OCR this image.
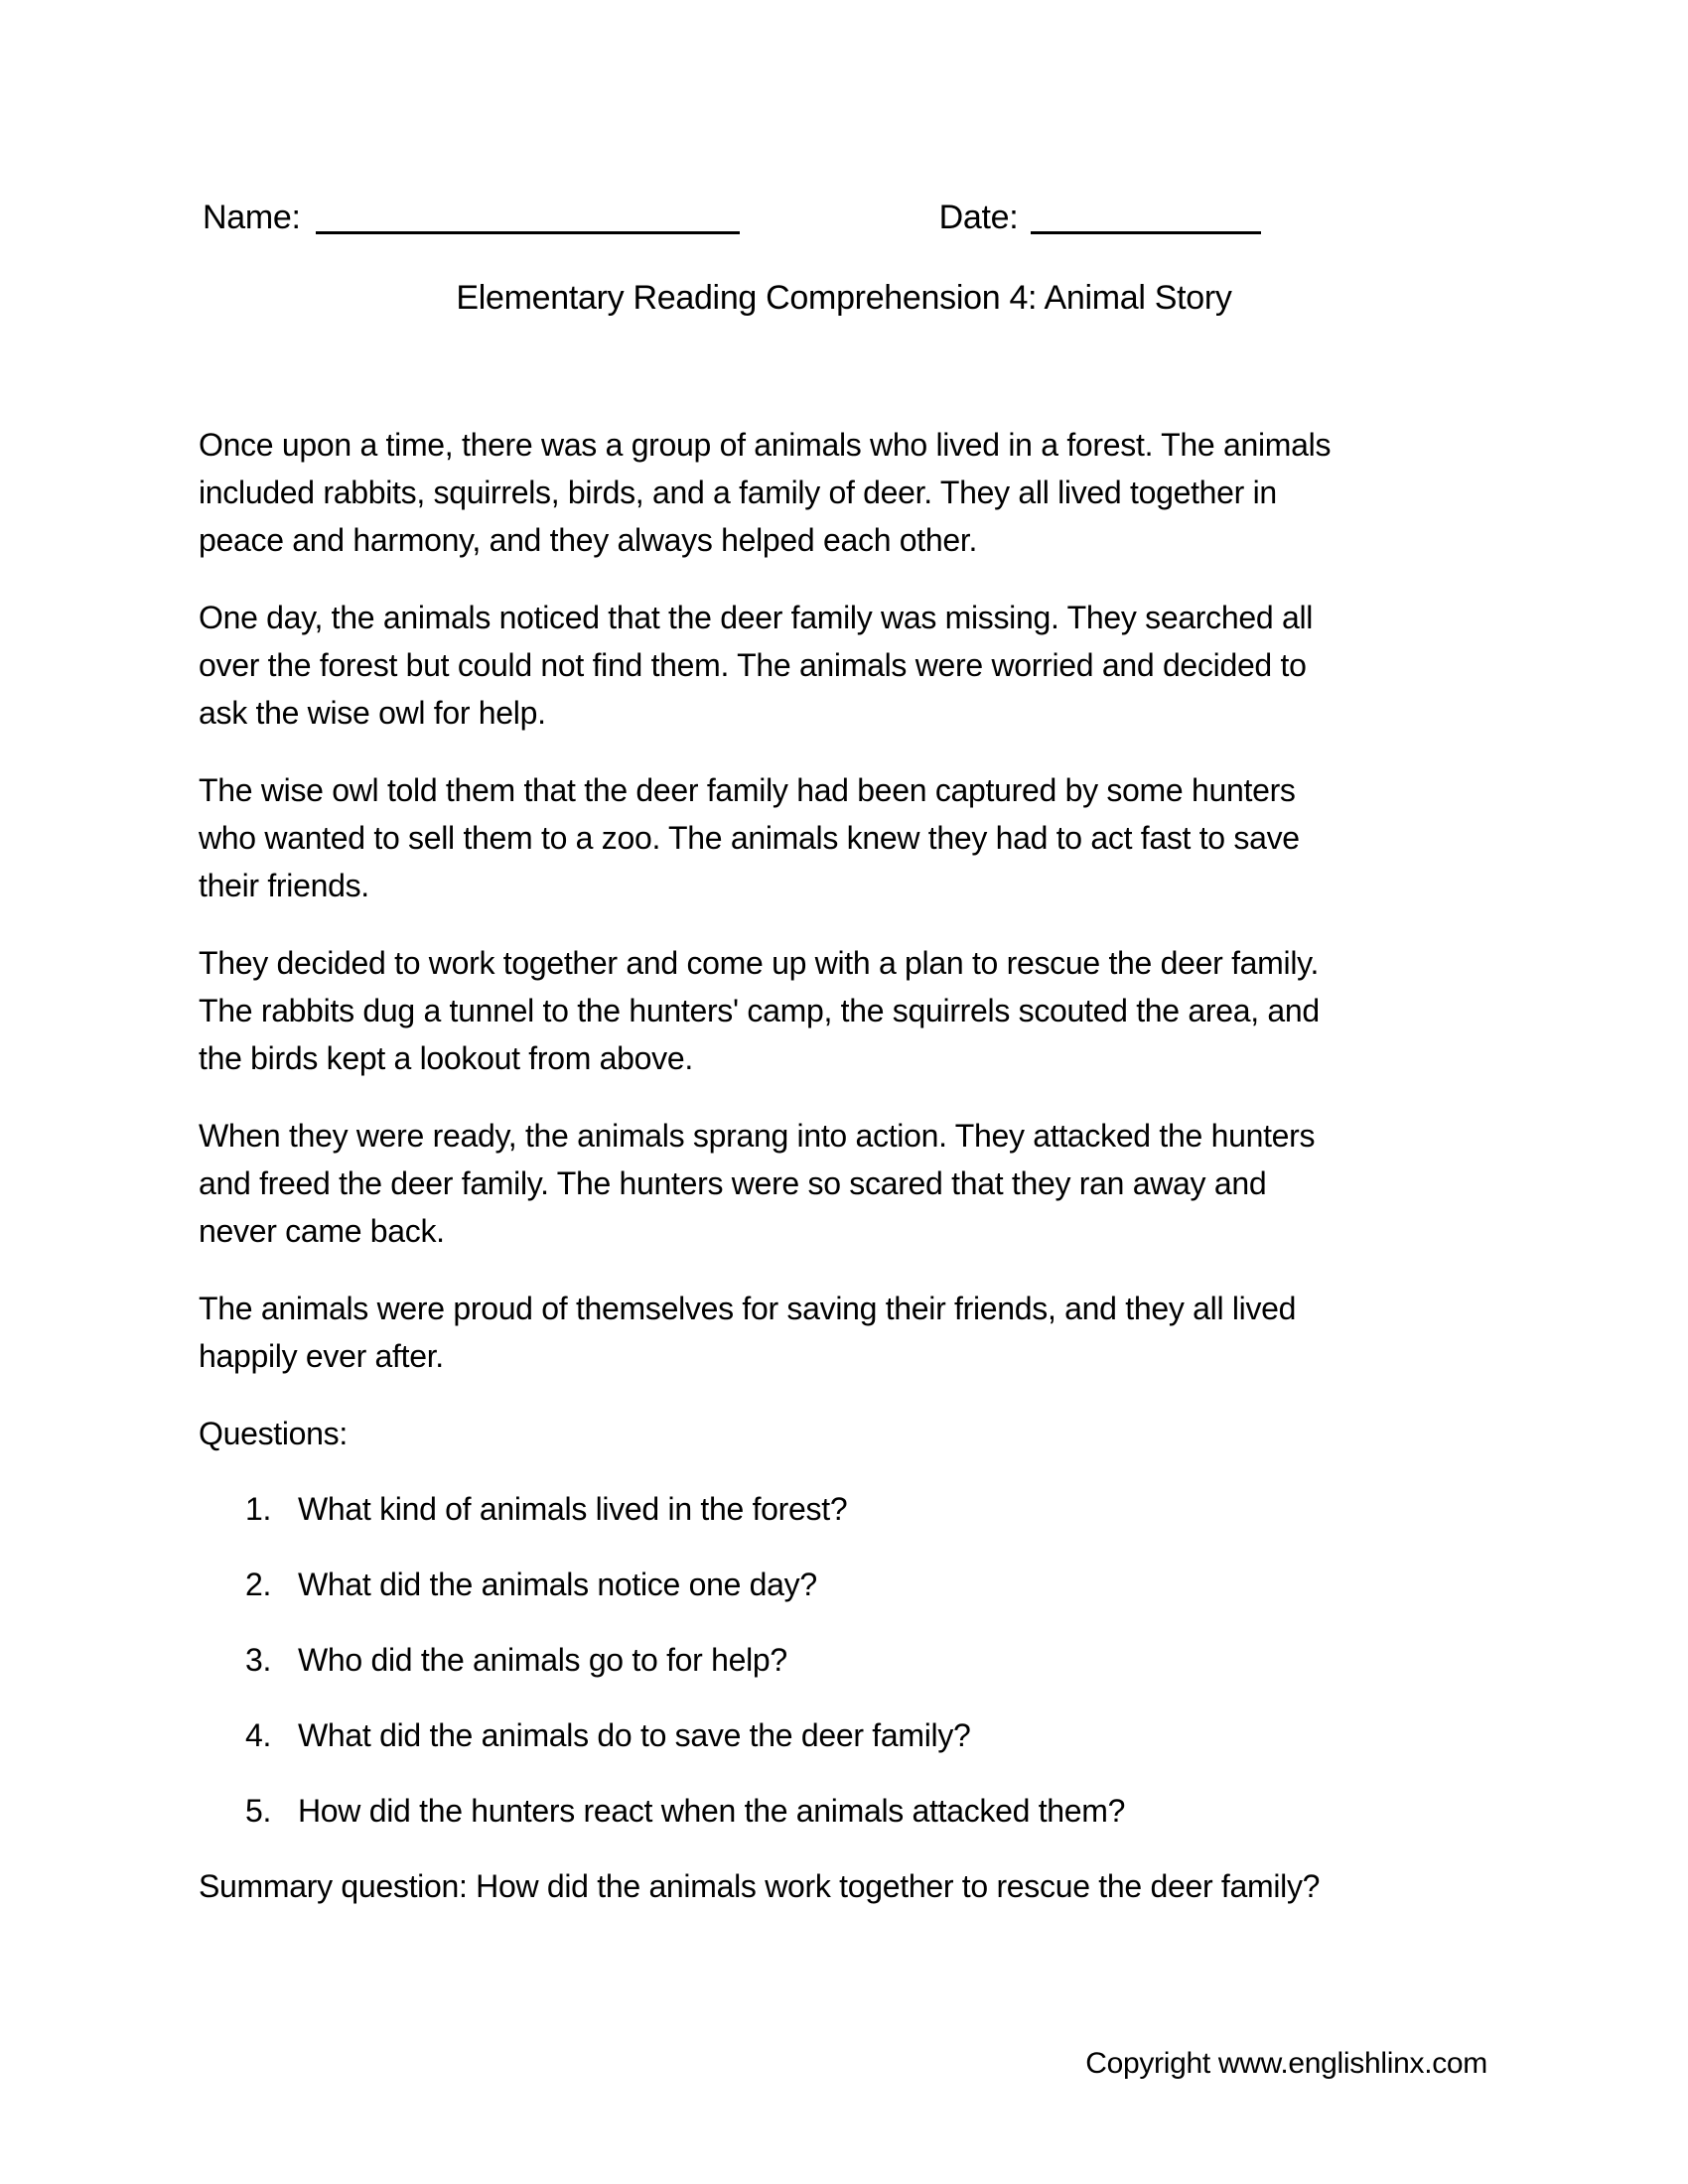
Name:	Date:
Elementary Reading Comprehension 4: Animal Story
Once upon a time, there was a group of animals who lived in a forest. The animals
included rabbits, squirrels, birds, and a family of deer. They all lived together in
peace and harmony, and they always helped each other.
One day, the animals noticed that the deer family was missing. They searched all
over the forest but could not find them. The animals were worried and decided to
ask the wise owl for help.
The wise owl told them that the deer family had been captured by some hunters
who wanted to sell them to a zoo. The animals knew they had to act fast to save
their friends.
They decided to work together and come up with a plan to rescue the deer family.
The rabbits dug a tunnel to the hunters' camp, the squirrels scouted the area, and
the birds kept a lookout from above.
When they were ready, the animals sprang into action. They attacked the hunters
and freed the deer family. The hunters were so scared that they ran away and
never came back.
The animals were proud of themselves for saving their friends, and they all lived
happily ever after.
Questions:
1. What kind of animals lived in the forest?
2. What did the animals notice one day?
3. Who did the animals go to for help?
4. What did the animals do to save the deer family?
5. How did the hunters react when the animals attacked them?
Summary question: How did the animals work together to rescue the deer family?
Copyright www.englishlinx.com
